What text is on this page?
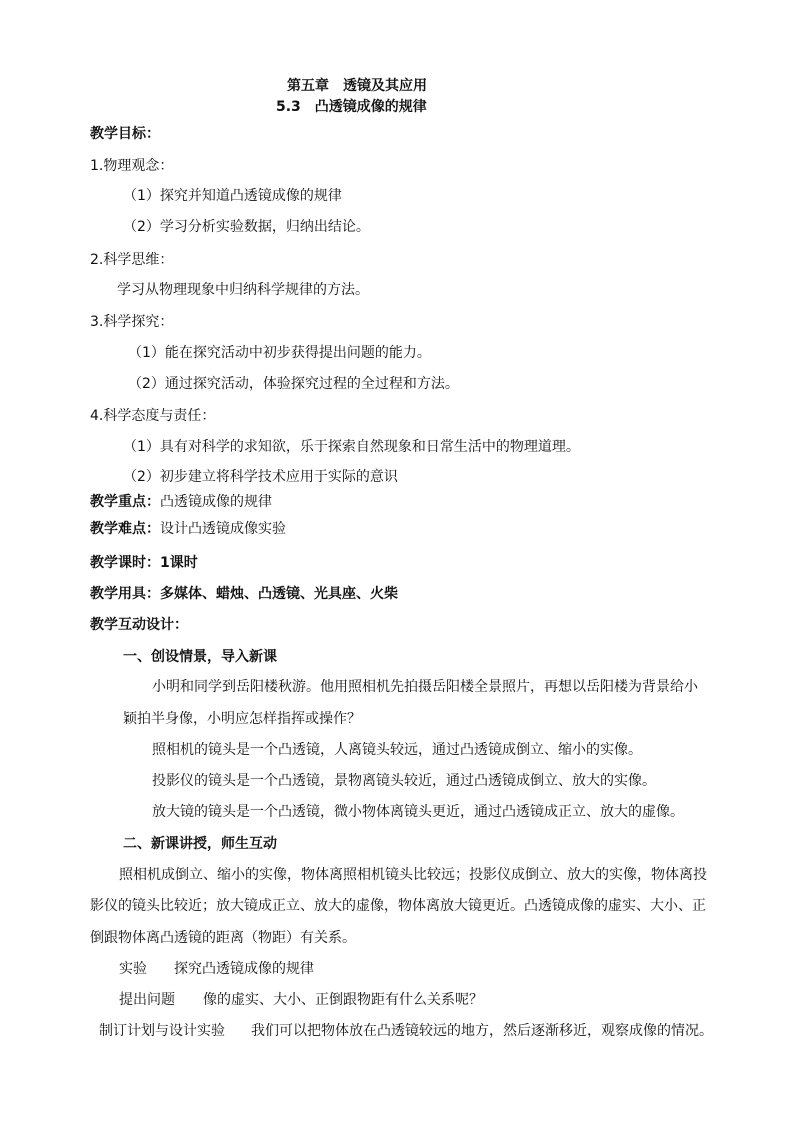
第五章　透镜及其应用
5.3　凸透镜成像的规律
教学目标：
1.物理观念：
（1）探究并知道凸透镜成像的规律
（2）学习分析实验数据，归纳出结论。
2.科学思维：
学习从物理现象中归纳科学规律的方法。
3.科学探究：
（1）能在探究活动中初步获得提出问题的能力。
（2）通过探究活动，体验探究过程的全过程和方法。
4.科学态度与责任：
（1）具有对科学的求知欲，乐于探索自然现象和日常生活中的物理道理。
（2）初步建立将科学技术应用于实际的意识
教学重点：凸透镜成像的规律
教学难点：设计凸透镜成像实验
教学课时：1课时
教学用具：多媒体、蜡烛、凸透镜、光具座、火柴
教学互动设计：
一、创设情景，导入新课
小明和同学到岳阳楼秋游。他用照相机先拍摄岳阳楼全景照片，再想以岳阳楼为背景给小
颖拍半身像，小明应怎样指挥或操作？
照相机的镜头是一个凸透镜，人离镜头较远，通过凸透镜成倒立、缩小的实像。
投影仪的镜头是一个凸透镜，景物离镜头较近，通过凸透镜成倒立、放大的实像。
放大镜的镜头是一个凸透镜，微小物体离镜头更近，通过凸透镜成正立、放大的虚像。
二、新课讲授，师生互动
照相机成倒立、缩小的实像，物体离照相机镜头比较远；投影仪成倒立、放大的实像，物体离投
影仪的镜头比较近；放大镜成正立、放大的虚像，物体离放大镜更近。凸透镜成像的虚实、大小、正
倒跟物体离凸透镜的距离（物距）有关系。
实验 探究凸透镜成像的规律
提出问题 像的虚实、大小、正倒跟物距有什么关系呢？
制订计划与设计实验 我们可以把物体放在凸透镜较远的地方，然后逐渐移近，观察成像的情况。
